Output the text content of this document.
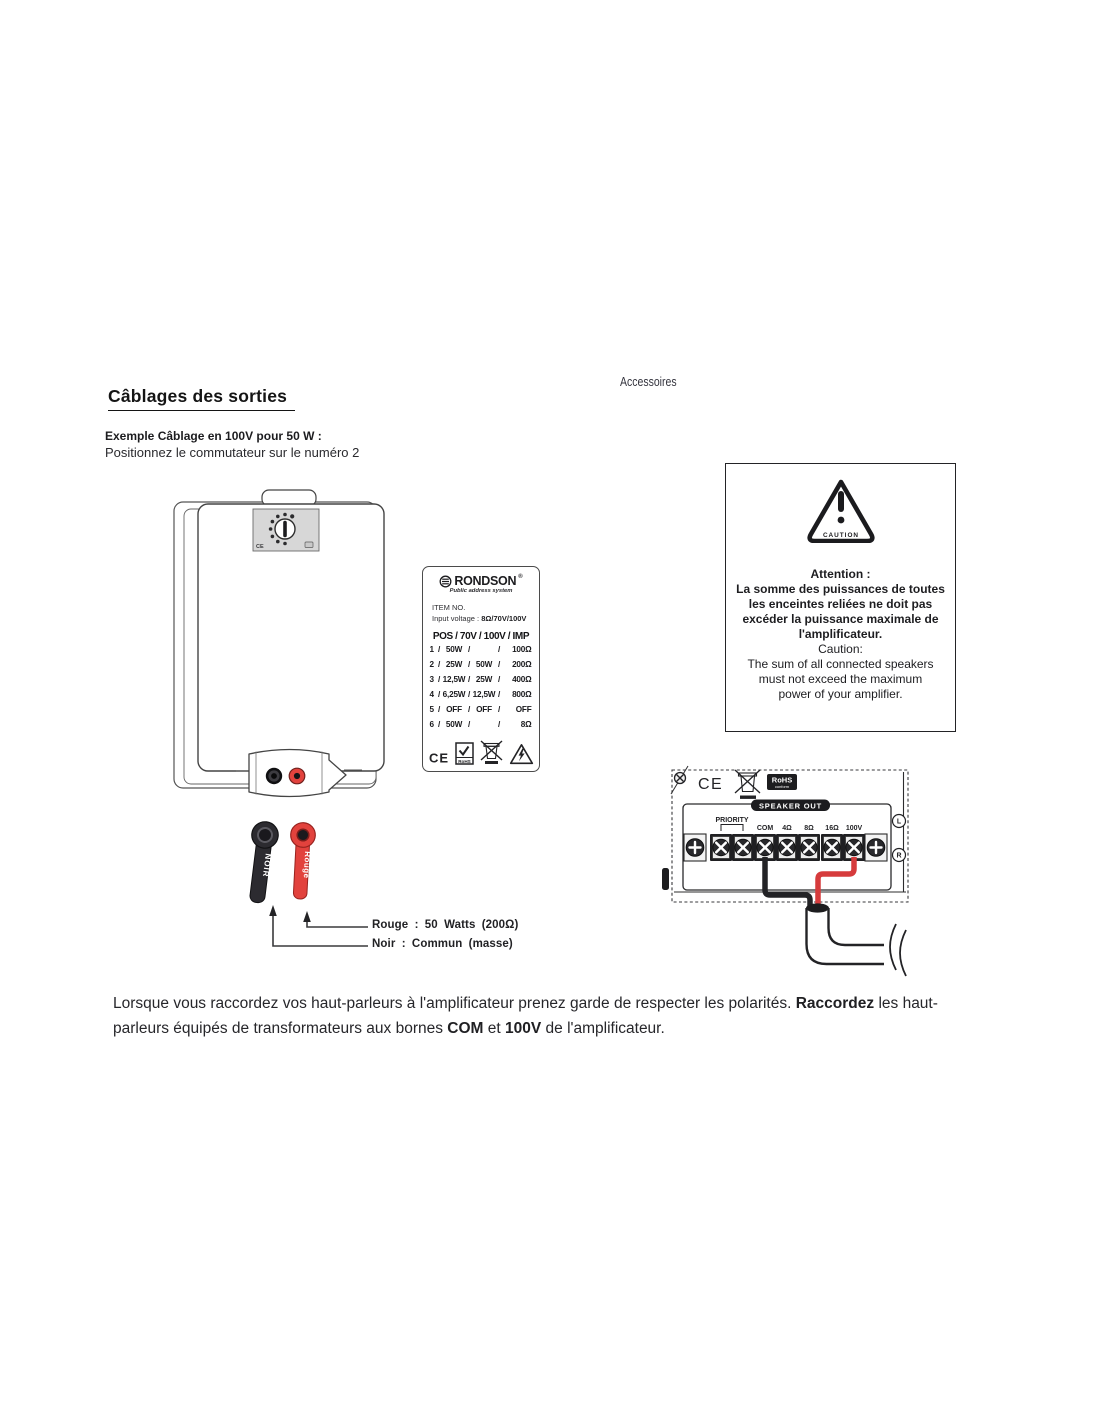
Accessoires
Câblages des sorties
Exemple Câblage en 100V pour 50 W :
Positionnez le commutateur sur le numéro 2
CE
RONDSON ®
Public address system
ITEM NO.
Input voltage : 8Ω/70V/100V
POS / 70V / 100V / IMP
1 / 50W /	/	100Ω
2 / 25W / 50W /	200Ω
3 / 12,5W / 25W /	400Ω
4 / 6,25W / 12,5W /	800Ω
5 / OFF / OFF /	OFF
6 / 50W /	/	8Ω
CE RoHS
CAUTION
Attention :
La somme des puissances de toutes
les enceintes reliées ne doit pas
excéder la puissance maximale de
l'amplificateur.
Caution:
The sum of all connected speakers
must not exceed the maximum
power of your amplifier.
CE	RoHS
conform
SPEAKER OUT
PRIORITY
COM 4Ω 8Ω 16Ω 100V
L
R
NOIR	Rouge
Rouge : 50 Watts (200Ω)
Noir : Commun (masse)
Lorsque vous raccordez vos haut-parleurs à l'amplificateur prenez garde de respecter les polarités. Raccordez les haut-parleurs équipés de transformateurs aux bornes COM et 100V de l'amplificateur.
